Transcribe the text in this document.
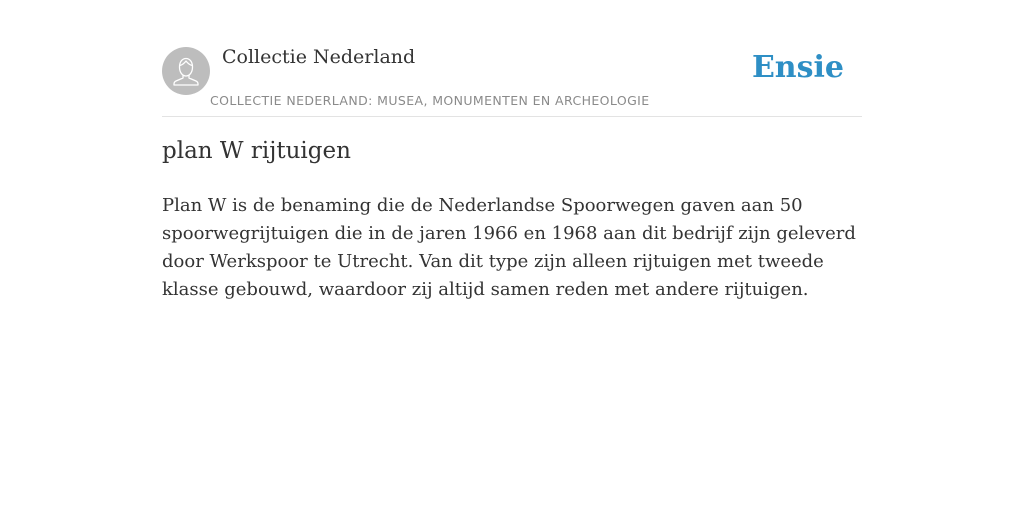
Collectie Nederland
COLLECTIE NEDERLAND: MUSEA, MONUMENTEN EN ARCHEOLOGIE
Ensie
plan W rijtuigen

Plan W is de benaming die de Nederlandse Spoorwegen gaven aan 50 spoorwegrijtuigen die in de jaren 1966 en 1968 aan dit bedrijf zijn geleverd door Werkspoor te Utrecht. Van dit type zijn alleen rijtuigen met tweede klasse gebouwd, waardoor zij altijd samen reden met andere rijtuigen.
